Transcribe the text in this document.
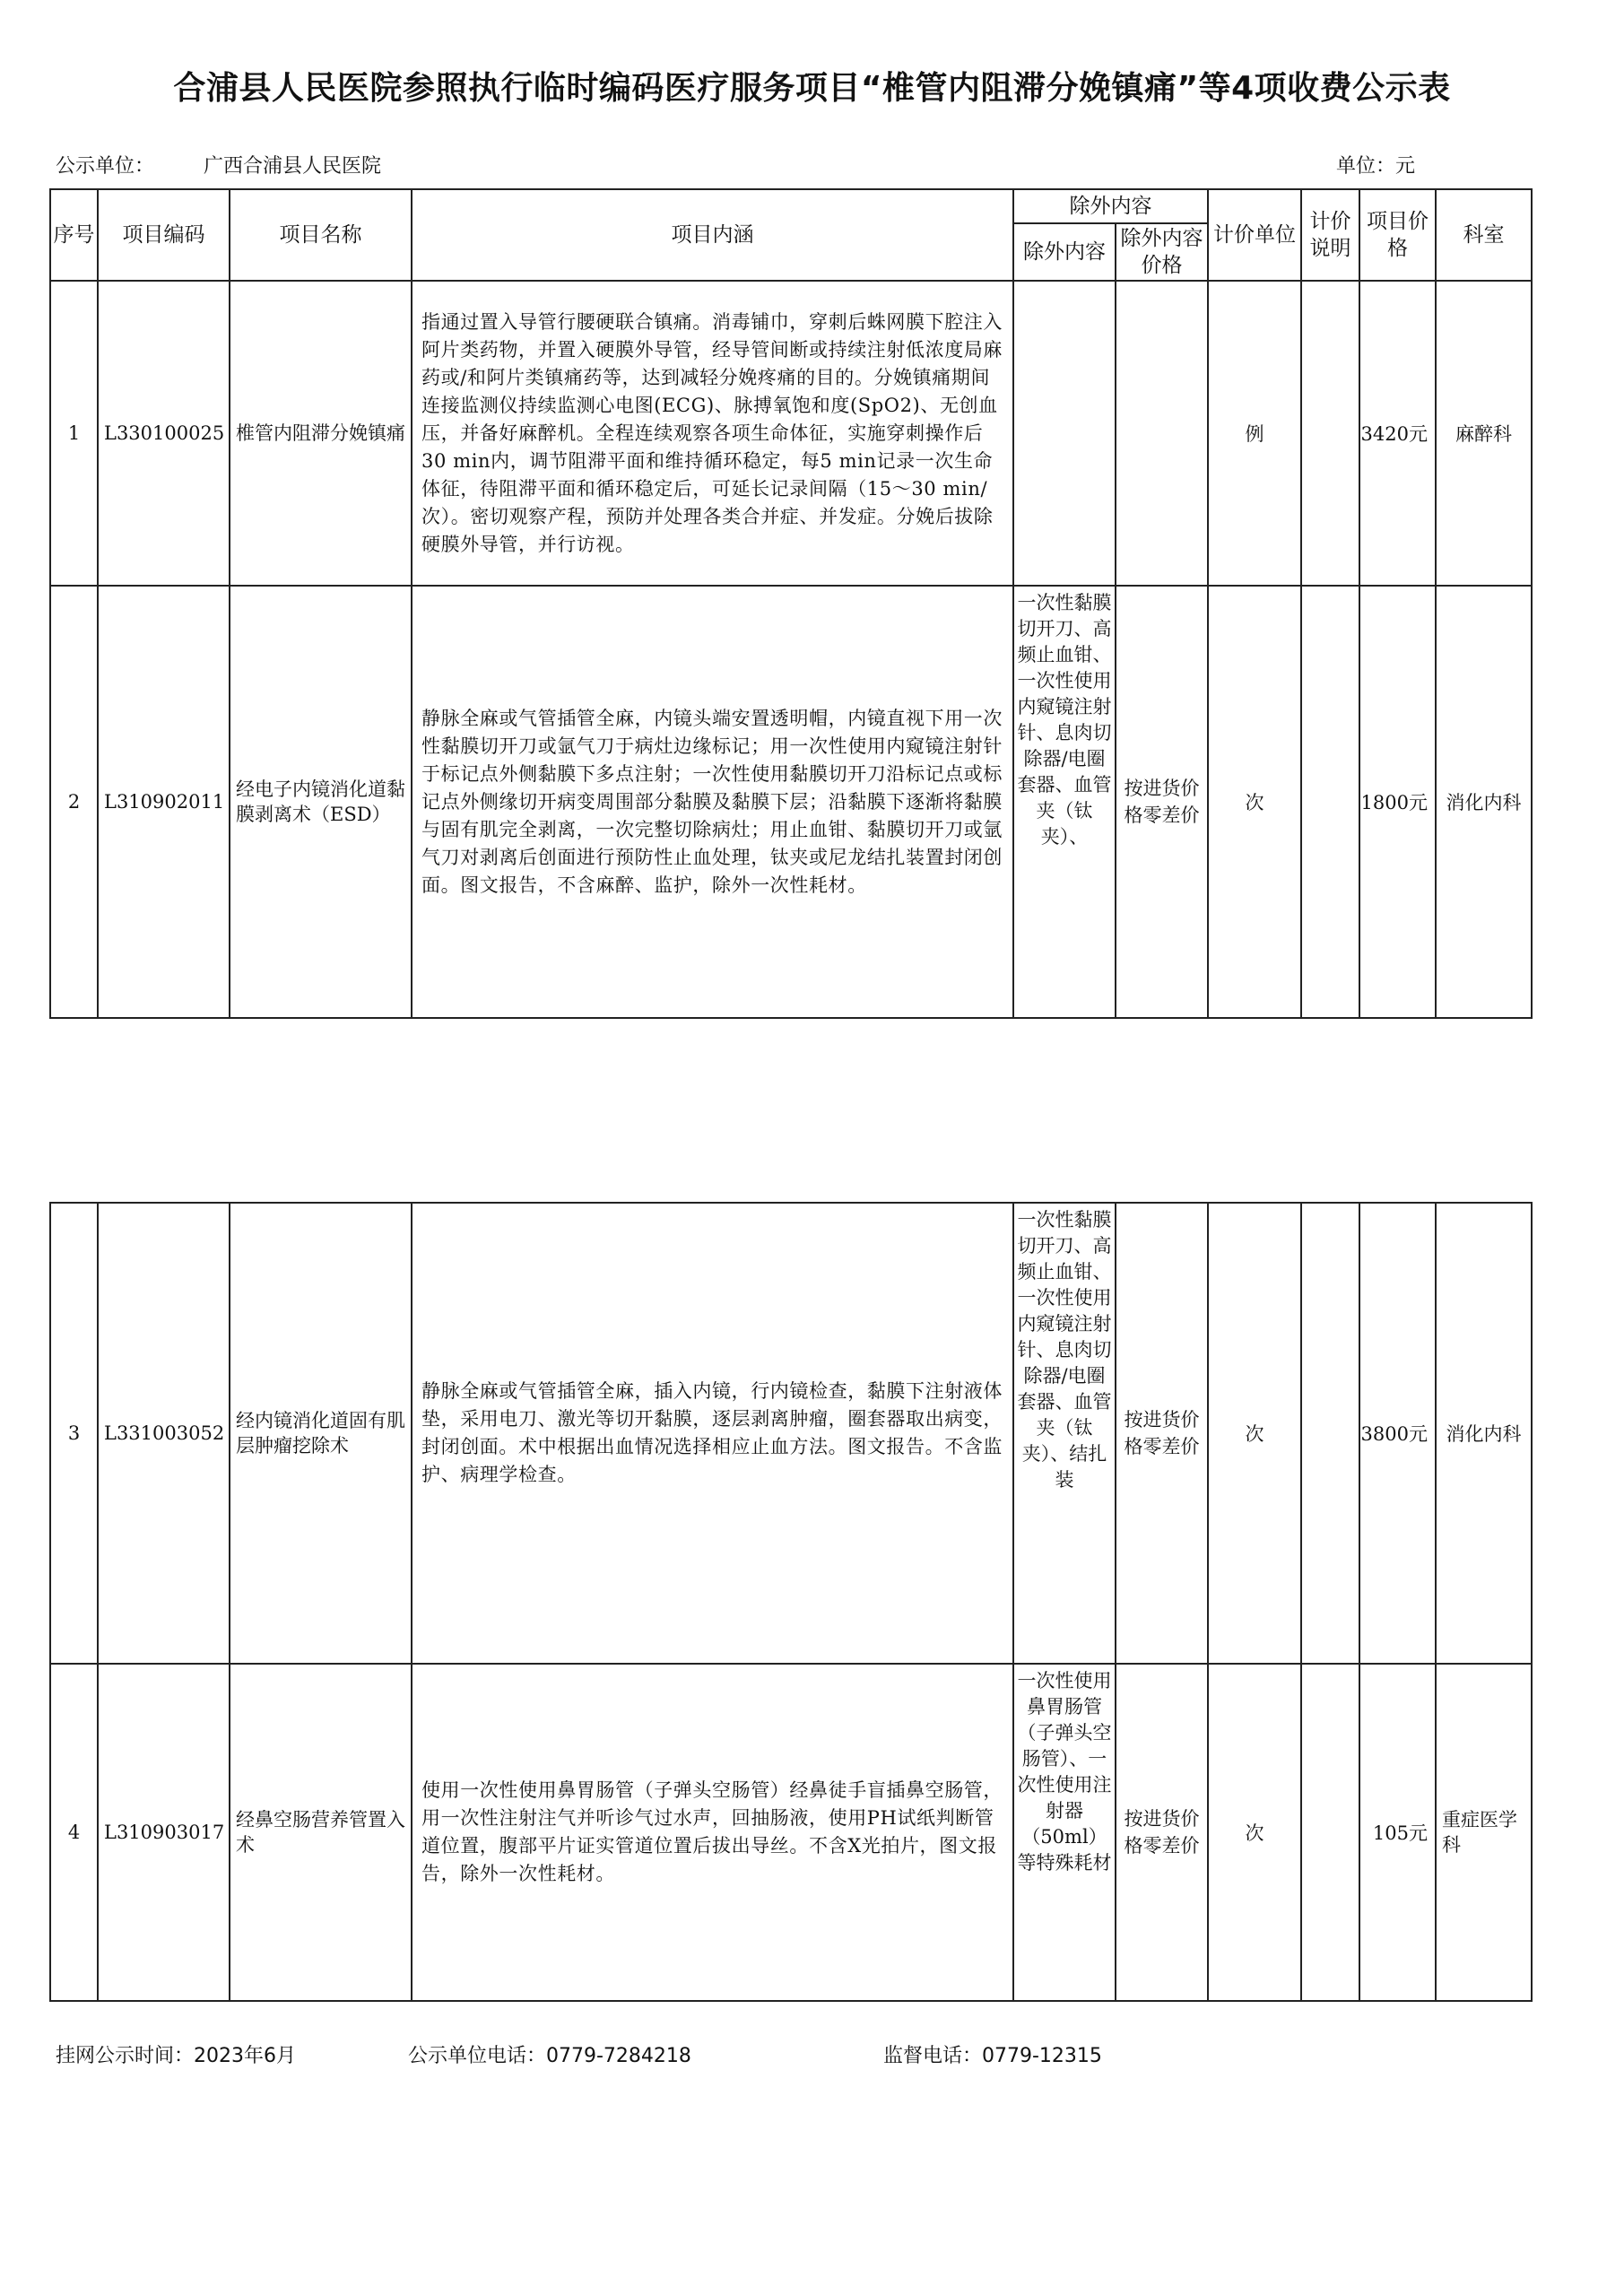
合浦县人民医院参照执行临时编码医疗服务项目“椎管内阻滞分娩镇痛”等4项收费公示表
公示单位：	广西合浦县人民医院	单位：元
序号	项目编码	项目名称	项目内涵	除外内容		计价单位	计价说明	项目价格	科室
				除外内容	除外内容价格				
1	L330100025	椎管内阻滞分娩镇痛	指通过置入导管行腰硬联合镇痛。消毒铺巾，穿刺后蛛网膜下腔注入阿片类药物，并置入硬膜外导管，经导管间断或持续注射低浓度局麻药或/和阿片类镇痛药等，达到减轻分娩疼痛的目的。分娩镇痛期间连接监测仪持续监测心电图(ECG)、脉搏氧饱和度(SpO2)、无创血压，并备好麻醉机。全程连续观察各项生命体征，实施穿刺操作后30 min内，调节阻滞平面和维持循环稳定，每5 min记录一次生命体征，待阻滞平面和循环稳定后，可延长记录间隔（15～30 min/次）。密切观察产程，预防并处理各类合并症、并发症。分娩后拔除硬膜外导管，并行访视。			例		3420元	麻醉科
2	L310902011	经电子内镜消化道黏膜剥离术（ESD）	静脉全麻或气管插管全麻，内镜头端安置透明帽，内镜直视下用一次性黏膜切开刀或氩气刀于病灶边缘标记；用一次性使用内窥镜注射针于标记点外侧黏膜下多点注射；一次性使用黏膜切开刀沿标记点或标记点外侧缘切开病变周围部分黏膜及黏膜下层；沿黏膜下逐渐将黏膜与固有肌完全剥离，一次完整切除病灶；用止血钳、黏膜切开刀或氩气刀对剥离后创面进行预防性止血处理，钛夹或尼龙结扎装置封闭创面。图文报告，不含麻醉、监护，除外一次性耗材。	一次性黏膜切开刀、高频止血钳、一次性使用内窥镜注射针、息肉切除器/电圈套器、血管夹（钛夹）、	按进货价格零差价	次		1800元	消化内科
3	L331003052	经内镜消化道固有肌层肿瘤挖除术	静脉全麻或气管插管全麻，插入内镜，行内镜检查，黏膜下注射液体垫，采用电刀、激光等切开黏膜，逐层剥离肿瘤，圈套器取出病变，封闭创面。术中根据出血情况选择相应止血方法。图文报告。不含监护、病理学检查。	一次性黏膜切开刀、高频止血钳、一次性使用内窥镜注射针、息肉切除器/电圈套器、血管夹（钛夹）、结扎装	按进货价格零差价	次		3800元	消化内科
4	L310903017	经鼻空肠营养管置入术	使用一次性使用鼻胃肠管（子弹头空肠管）经鼻徒手盲插鼻空肠管，用一次性注射注气并听诊气过水声，回抽肠液，使用PH试纸判断管道位置，腹部平片证实管道位置后拔出导丝。不含X光拍片，图文报告，除外一次性耗材。	一次性使用鼻胃肠管（子弹头空肠管）、一次性使用注射器（50ml）等特殊耗材	按进货价格零差价	次		105元	重症医学科
挂网公示时间：2023年6月	公示单位电话：0779-7284218	监督电话：0779-12315
